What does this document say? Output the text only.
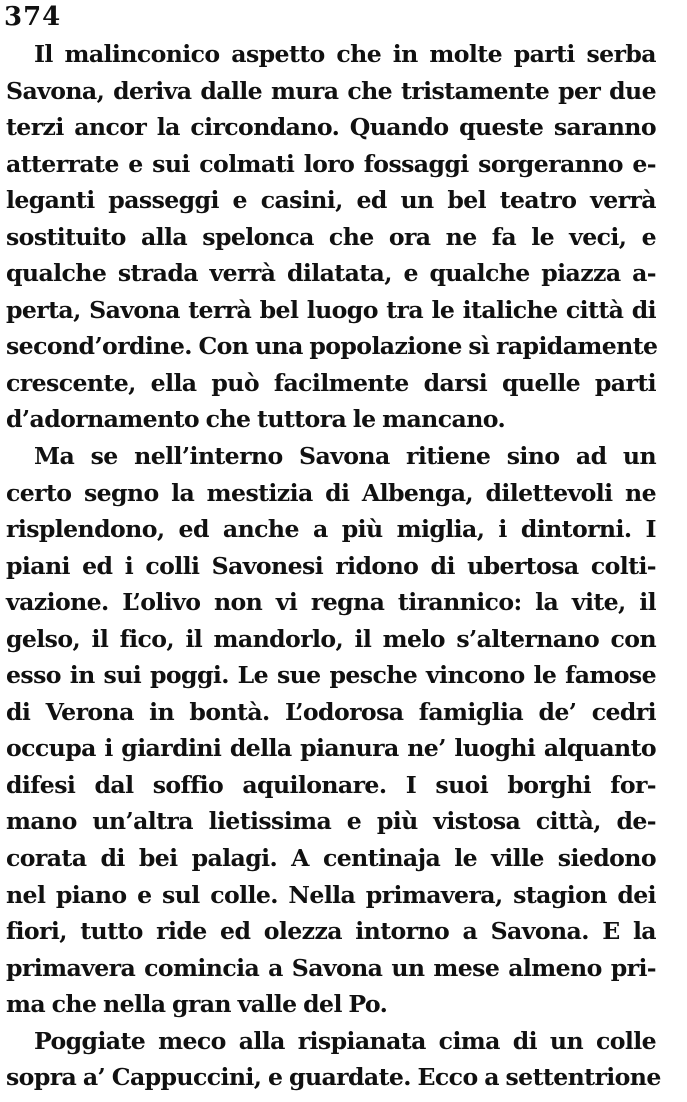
374
Il malinconico aspetto che in molte parti serba
Savona, deriva dalle mura che tristamente per due
terzi ancor la circondano. Quando queste saranno
atterrate e sui colmati loro fossaggi sorgeranno e-
leganti passeggi e casini, ed un bel teatro verrà
sostituito alla spelonca che ora ne fa le veci, e
qualche strada verrà dilatata, e qualche piazza a-
perta, Savona terrà bel luogo tra le italiche città di
second’ordine. Con una popolazione sì rapidamente
crescente, ella può facilmente darsi quelle parti
d’adornamento che tuttora le mancano.
Ma se nell’interno Savona ritiene sino ad un
certo segno la mestizia di Albenga, dilettevoli ne
risplendono, ed anche a più miglia, i dintorni. I
piani ed i colli Savonesi ridono di ubertosa colti-
vazione. L’olivo non vi regna tirannico: la vite, il
gelso, il fico, il mandorlo, il melo s’alternano con
esso in sui poggi. Le sue pesche vincono le famose
di Verona in bontà. L’odorosa famiglia de’ cedri
occupa i giardini della pianura ne’ luoghi alquanto
difesi dal soffio aquilonare. I suoi borghi for-
mano un’altra lietissima e più vistosa città, de-
corata di bei palagi. A centinaja le ville siedono
nel piano e sul colle. Nella primavera, stagion dei
fiori, tutto ride ed olezza intorno a Savona. E la
primavera comincia a Savona un mese almeno pri-
ma che nella gran valle del Po.
Poggiate meco alla rispianata cima di un colle
sopra a’ Cappuccini, e guardate. Ecco a settentrione
